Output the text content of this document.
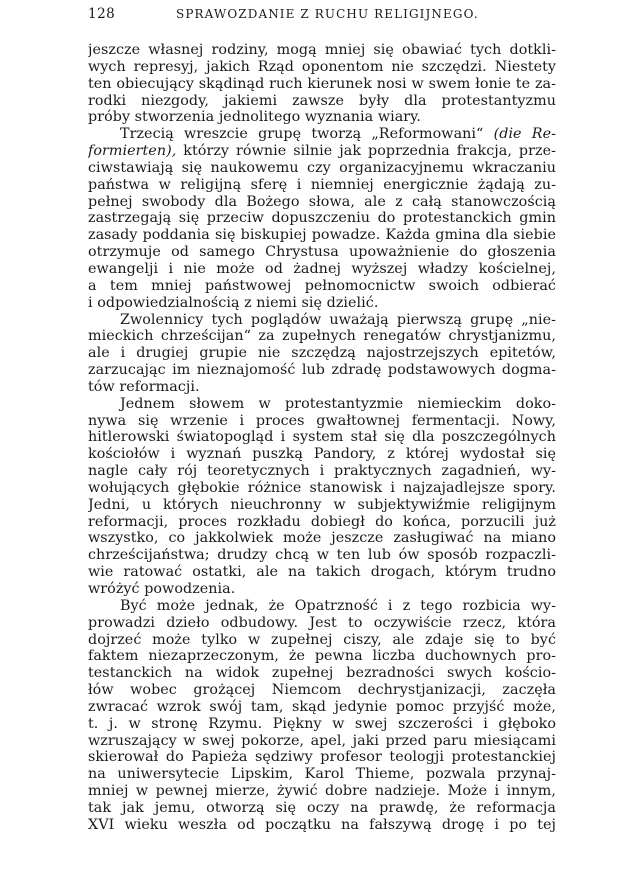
128	SPRAWOZDANIE Z RUCHU RELIGIJNEGO.
jeszcze własnej rodziny, mogą mniej się obawiać tych dotkli-
wych represyj, jakich Rząd oponentom nie szczędzi. Niestety
ten obiecujący skądinąd ruch kierunek nosi w swem łonie te za-
rodki niezgody, jakiemi zawsze były dla protestantyzmu
próby stworzenia jednolitego wyznania wiary.
Trzecią wreszcie grupę tworzą „Reformowani“ (die Re-
formierten), którzy równie silnie jak poprzednia frakcja, prze-
ciwstawiają się naukowemu czy organizacyjnemu wkraczaniu
państwa w religijną sferę i niemniej energicznie żądają zu-
pełnej swobody dla Bożego słowa, ale z całą stanowczością
zastrzegają się przeciw dopuszczeniu do protestanckich gmin
zasady poddania się biskupiej powadze. Każda gmina dla siebie
otrzymuje od samego Chrystusa upoważnienie do głoszenia
ewangelji i nie może od żadnej wyższej władzy kościelnej,
a tem mniej państwowej pełnomocnictw swoich odbierać
i odpowiedzialnością z niemi się dzielić.
Zwolennicy tych poglądów uważają pierwszą grupę „nie-
mieckich chrześcijan“ za zupełnych renegatów chrystjanizmu,
ale i drugiej grupie nie szczędzą najostrzejszych epitetów,
zarzucając im nieznajomość lub zdradę podstawowych dogma-
tów reformacji.
Jednem słowem w protestantyzmie niemieckim doko-
nywa się wrzenie i proces gwałtownej fermentacji. Nowy,
hitlerowski światopogląd i system stał się dla poszczególnych
kościołów i wyznań puszką Pandory, z której wydostał się
nagle cały rój teoretycznych i praktycznych zagadnień, wy-
wołujących głębokie różnice stanowisk i najzajadlejsze spory.
Jedni, u których nieuchronny w subjektywiźmie religijnym
reformacji, proces rozkładu dobiegł do końca, porzucili już
wszystko, co jakkolwiek może jeszcze zasługiwać na miano
chrześcijaństwa; drudzy chcą w ten lub ów sposób rozpaczli-
wie ratować ostatki, ale na takich drogach, którym trudno
wróżyć powodzenia.
Być może jednak, że Opatrzność i z tego rozbicia wy-
prowadzi dzieło odbudowy. Jest to oczywiście rzecz, która
dojrzeć może tylko w zupełnej ciszy, ale zdaje się to być
faktem niezaprzeczonym, że pewna liczba duchownych pro-
testanckich na widok zupełnej bezradności swych kościo-
łów wobec grożącej Niemcom dechrystjanizacji, zaczęła
zwracać wzrok swój tam, skąd jedynie pomoc przyjść może,
t. j. w stronę Rzymu. Piękny w swej szczerości i głęboko
wzruszający w swej pokorze, apel, jaki przed paru miesiącami
skierował do Papieża sędziwy profesor teologji protestanckiej
na uniwersytecie Lipskim, Karol Thieme, pozwala przynaj-
mniej w pewnej mierze, żywić dobre nadzieje. Może i innym,
tak jak jemu, otworzą się oczy na prawdę, że reformacja
XVI wieku weszła od początku na fałszywą drogę i po tej
